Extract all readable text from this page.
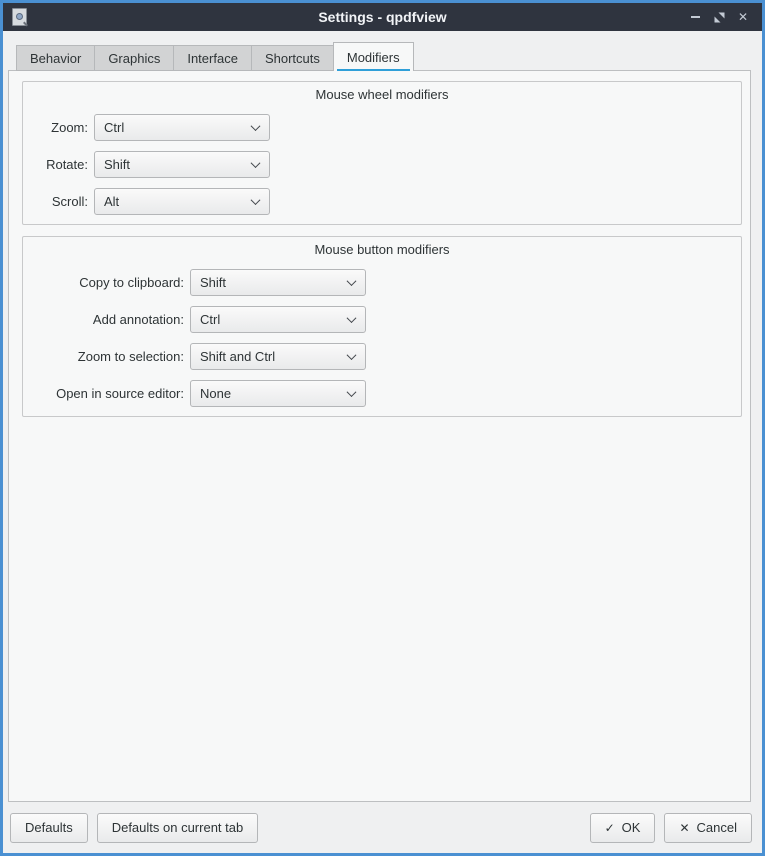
Settings - qpdfview	✕
Behavior Graphics Interface Shortcuts Modifiers
Mouse wheel modifiers
Zoom: Ctrl
Rotate: Shift
Scroll: Alt
Mouse button modifiers
Copy to clipboard: Shift
Add annotation: Ctrl
Zoom to selection: Shift and Ctrl
Open in source editor: None
Defaults	Defaults on current tab	✓ OK	✕ Cancel
